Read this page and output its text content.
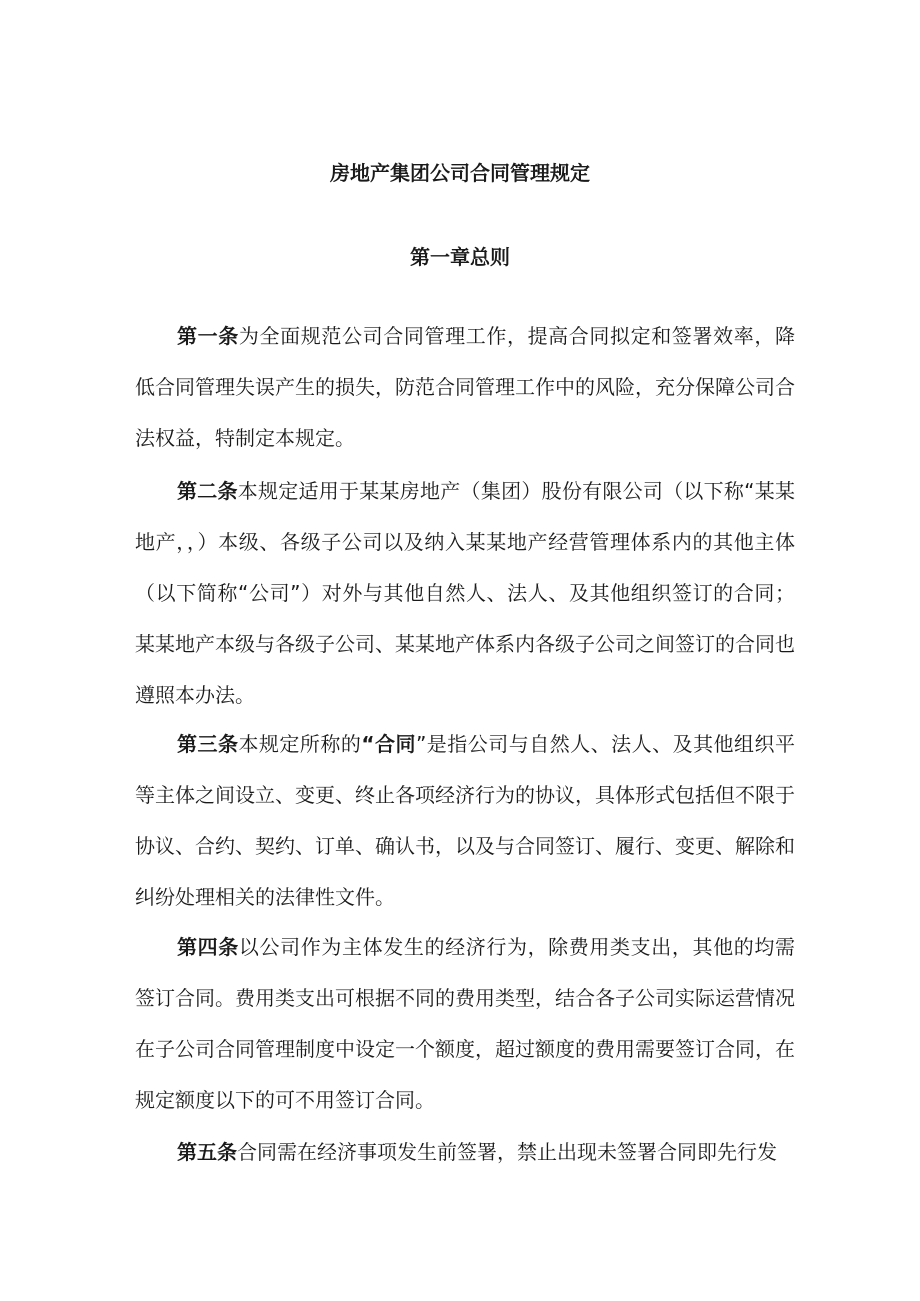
房地产集团公司合同管理规定
第一章总则

第一条为全面规范公司合同管理工作，提高合同拟定和签署效率，降低合同管理失误产生的损失，防范合同管理工作中的风险，充分保障公司合法权益，特制定本规定。

第二条本规定适用于某某房地产（集团）股份有限公司（以下称“某某地产，，）本级、各级子公司以及纳入某某地产经营管理体系内的其他主体（以下简称“公司”）对外与其他自然人、法人、及其他组织签订的合同；某某地产本级与各级子公司、某某地产体系内各级子公司之间签订的合同也遵照本办法。

第三条本规定所称的“合同”是指公司与自然人、法人、及其他组织平等主体之间设立、变更、终止各项经济行为的协议，具体形式包括但不限于协议、合约、契约、订单、确认书，以及与合同签订、履行、变更、解除和纠纷处理相关的法律性文件。

第四条以公司作为主体发生的经济行为，除费用类支出，其他的均需签订合同。费用类支出可根据不同的费用类型，结合各子公司实际运营情况在子公司合同管理制度中设定一个额度，超过额度的费用需要签订合同，在规定额度以下的可不用签订合同。

第五条合同需在经济事项发生前签署，禁止出现未签署合同即先行发
